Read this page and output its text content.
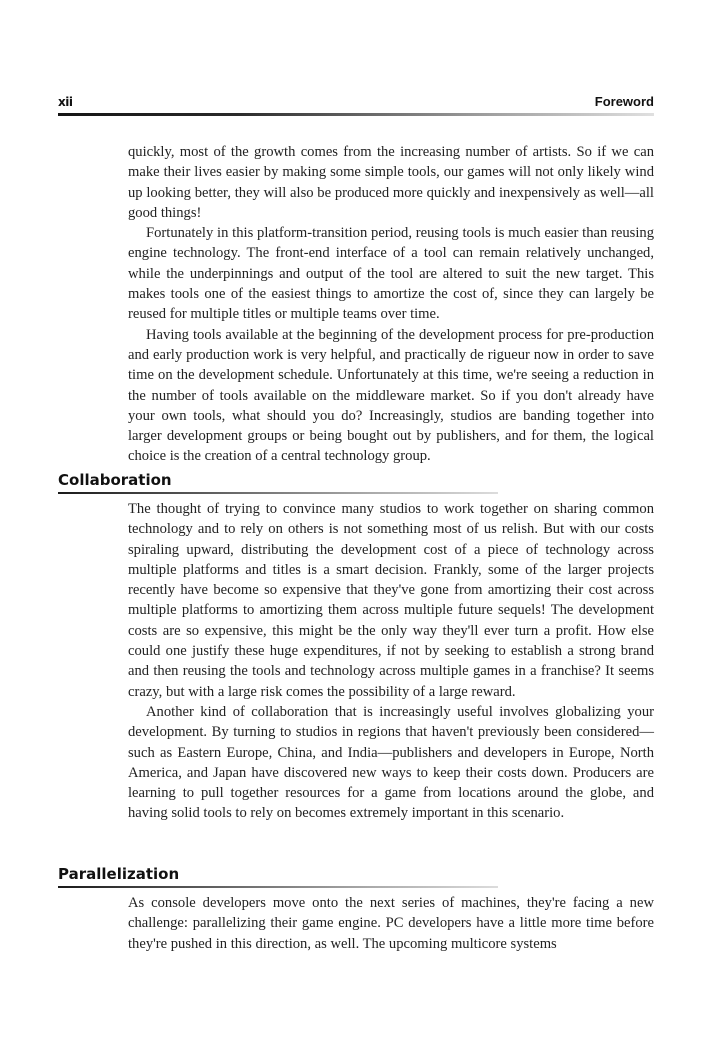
xii	Foreword

quickly, most of the growth comes from the increasing number of artists. So if we can make their lives easier by making some simple tools, our games will not only likely wind up looking better, they will also be produced more quickly and inexpensively as well—all good things!

Fortunately in this platform-transition period, reusing tools is much easier than reusing engine technology. The front-end interface of a tool can remain relatively unchanged, while the underpinnings and output of the tool are altered to suit the new target. This makes tools one of the easiest things to amortize the cost of, since they can largely be reused for multiple titles or multiple teams over time.

Having tools available at the beginning of the development process for pre-production and early production work is very helpful, and practically de rigueur now in order to save time on the development schedule. Unfortunately at this time, we're seeing a reduction in the number of tools available on the middleware market. So if you don't already have your own tools, what should you do? Increasingly, studios are banding together into larger development groups or being bought out by publishers, and for them, the logical choice is the creation of a central technology group.

Collaboration

The thought of trying to convince many studios to work together on sharing common technology and to rely on others is not something most of us relish. But with our costs spiraling upward, distributing the development cost of a piece of technology across multiple platforms and titles is a smart decision. Frankly, some of the larger projects recently have become so expensive that they've gone from amortizing their cost across multiple platforms to amortizing them across multiple future sequels! The development costs are so expensive, this might be the only way they'll ever turn a profit. How else could one justify these huge expenditures, if not by seeking to establish a strong brand and then reusing the tools and technology across multiple games in a franchise? It seems crazy, but with a large risk comes the possibility of a large reward.

Another kind of collaboration that is increasingly useful involves globalizing your development. By turning to studios in regions that haven't previously been considered—such as Eastern Europe, China, and India—publishers and developers in Europe, North America, and Japan have discovered new ways to keep their costs down. Producers are learning to pull together resources for a game from locations around the globe, and having solid tools to rely on becomes extremely important in this scenario.

Parallelization

As console developers move onto the next series of machines, they're facing a new challenge: parallelizing their game engine. PC developers have a little more time before they're pushed in this direction, as well. The upcoming multicore systems
